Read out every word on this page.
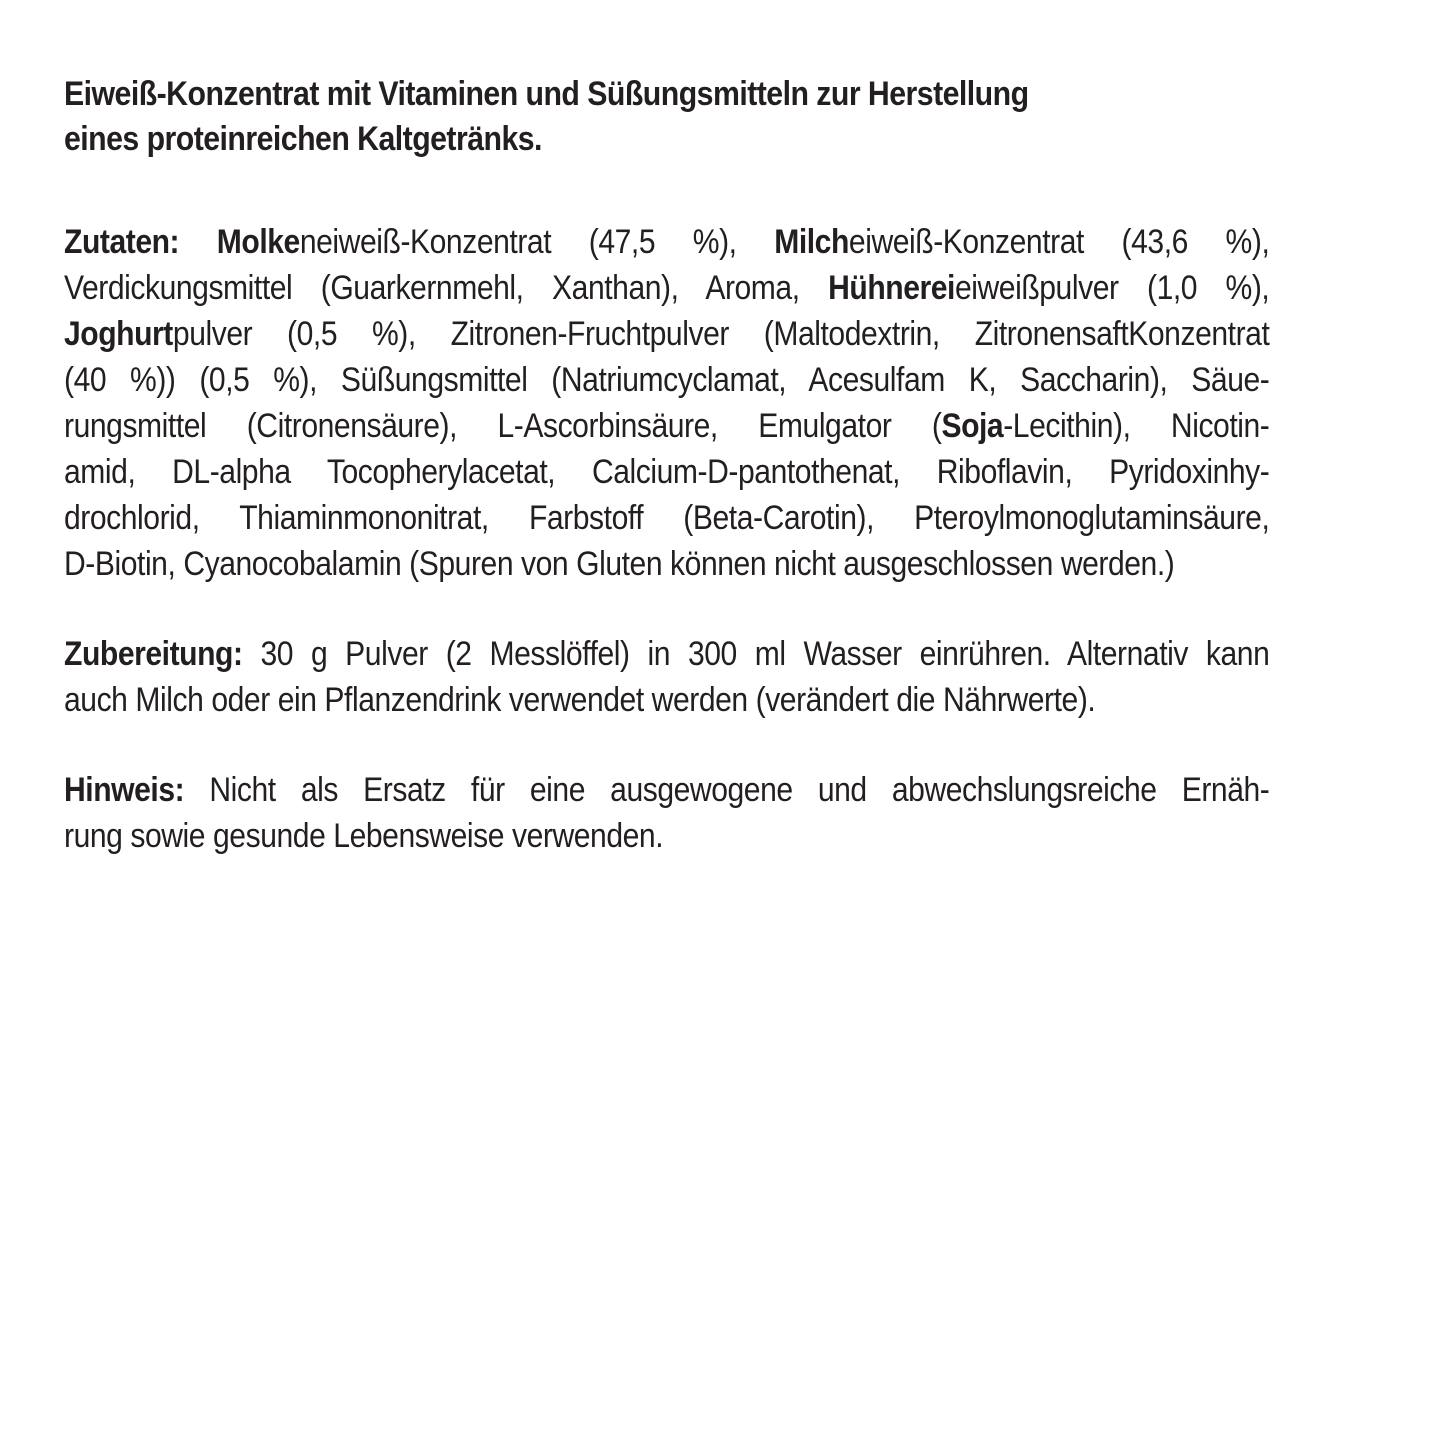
Eiweiß-Konzentrat mit Vitaminen und Süßungsmitteln zur Herstellung
eines proteinreichen Kaltgetränks.

Zutaten: Molkeneiweiß-Konzentrat (47,5 %), Milcheiweiß-Konzentrat (43,6 %),
Verdickungsmittel (Guarkernmehl, Xanthan), Aroma, Hühnereieiweißpulver (1,0 %),
Joghurtpulver (0,5 %), Zitronen-Fruchtpulver (Maltodextrin, ZitronensaftKonzentrat
(40 %)) (0,5 %), Süßungsmittel (Natriumcyclamat, Acesulfam K, Saccharin), Säue-
rungsmittel (Citronensäure), L-Ascorbinsäure, Emulgator (Soja-Lecithin), Nicotin-
amid, DL-alpha Tocopherylacetat, Calcium-D-pantothenat, Riboflavin, Pyridoxinhy-
drochlorid, Thiaminmononitrat, Farbstoff (Beta-Carotin), Pteroylmonoglutaminsäure,
D-Biotin, Cyanocobalamin (Spuren von Gluten können nicht ausgeschlossen werden.)

Zubereitung: 30 g Pulver (2 Messlöffel) in 300 ml Wasser einrühren. Alternativ kann
auch Milch oder ein Pflanzendrink verwendet werden (verändert die Nährwerte).

Hinweis: Nicht als Ersatz für eine ausgewogene und abwechslungsreiche Ernäh-
rung sowie gesunde Lebensweise verwenden.
